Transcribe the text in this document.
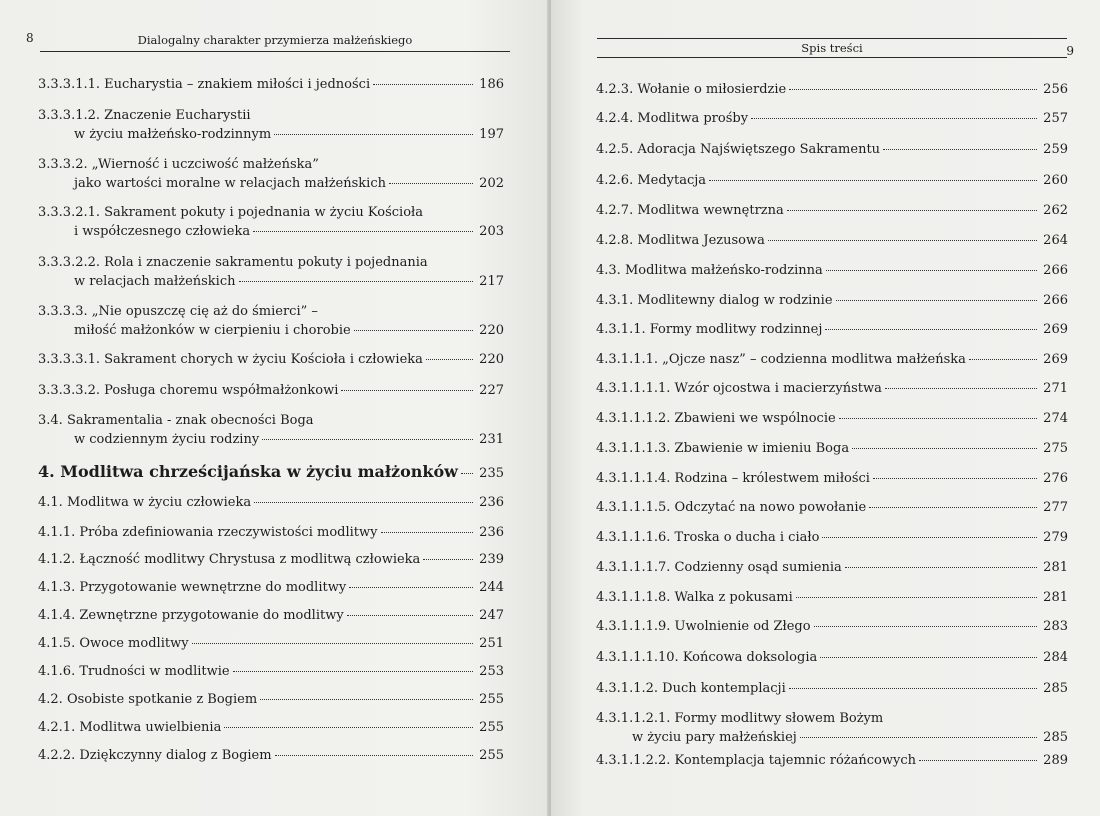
8	Dialogalny charakter przymierza małżeńskiego
3.3.3.1.1. Eucharystia – znakiem miłości i jedności	186
3.3.3.1.2. Znaczenie Eucharystii
w życiu małżeńsko-rodzinnym	197
3.3.3.2. „Wierność i uczciwość małżeńska”
jako wartości moralne w relacjach małżeńskich	202
3.3.3.2.1. Sakrament pokuty i pojednania w życiu Kościoła
i współczesnego człowieka	203
3.3.3.2.2. Rola i znaczenie sakramentu pokuty i pojednania
w relacjach małżeńskich	217
3.3.3.3. „Nie opuszczę cię aż do śmierci” –
miłość małżonków w cierpieniu i chorobie	220
3.3.3.3.1. Sakrament chorych w życiu Kościoła i człowieka	220
3.3.3.3.2. Posługa choremu współmałżonkowi	227
3.4. Sakramentalia - znak obecności Boga
w codziennym życiu rodziny	231
4. Modlitwa chrześcijańska w życiu małżonków 235
4.1. Modlitwa w życiu człowieka	236
4.1.1. Próba zdefiniowania rzeczywistości modlitwy	236
4.1.2. Łączność modlitwy Chrystusa z modlitwą człowieka	239
4.1.3. Przygotowanie wewnętrzne do modlitwy	244
4.1.4. Zewnętrzne przygotowanie do modlitwy	247
4.1.5. Owoce modlitwy	251
4.1.6. Trudności w modlitwie	253
4.2. Osobiste spotkanie z Bogiem	255
4.2.1. Modlitwa uwielbienia	255
4.2.2. Dziękczynny dialog z Bogiem	255
Spis treści	9
4.2.3. Wołanie o miłosierdzie	256
4.2.4. Modlitwa prośby	257
4.2.5. Adoracja Najświętszego Sakramentu	259
4.2.6. Medytacja	260
4.2.7. Modlitwa wewnętrzna	262
4.2.8. Modlitwa Jezusowa	264
4.3. Modlitwa małżeńsko-rodzinna	266
4.3.1. Modlitewny dialog w rodzinie	266
4.3.1.1. Formy modlitwy rodzinnej	269
4.3.1.1.1. „Ojcze nasz” – codzienna modlitwa małżeńska	269
4.3.1.1.1.1. Wzór ojcostwa i macierzyństwa	271
4.3.1.1.1.2. Zbawieni we wspólnocie	274
4.3.1.1.1.3. Zbawienie w imieniu Boga	275
4.3.1.1.1.4. Rodzina – królestwem miłości	276
4.3.1.1.1.5. Odczytać na nowo powołanie	277
4.3.1.1.1.6. Troska o ducha i ciało	279
4.3.1.1.1.7. Codzienny osąd sumienia	281
4.3.1.1.1.8. Walka z pokusami	281
4.3.1.1.1.9. Uwolnienie od Złego	283
4.3.1.1.1.10. Końcowa doksologia	284
4.3.1.1.2. Duch kontemplacji	285
4.3.1.1.2.1. Formy modlitwy słowem Bożym
w życiu pary małżeńskiej	285
4.3.1.1.2.2. Kontemplacja tajemnic różańcowych	289
